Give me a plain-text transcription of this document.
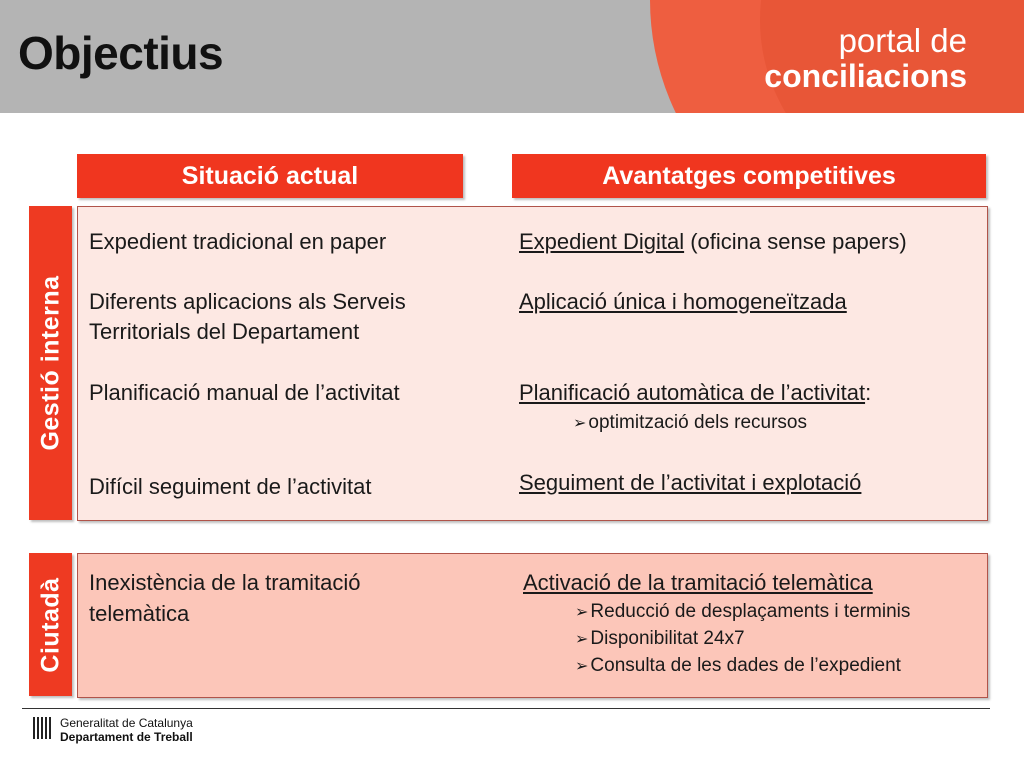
Objectius	portal de
conciliacions
Situació actual	Avantatges competitives
Gestió interna
Expedient tradicional en paper
Diferents aplicacions als Serveis
Territorials del Departament
Planificació manual de l’activitat
Difícil seguiment de l’activitat
Expedient Digital (oficina sense papers)
Aplicació única i homogeneïtzada
Planificació automàtica de l’activitat:
➢ optimització dels recursos
Seguiment de l’activitat i explotació
Ciutadà Inexistència de la tramitació
telemàtica
Activació de la tramitació telemàtica
➢ Reducció de desplaçaments i terminis
➢ Disponibilitat 24x7
➢ Consulta de les dades de l’expedient
Generalitat de Catalunya
Departament de Treball
